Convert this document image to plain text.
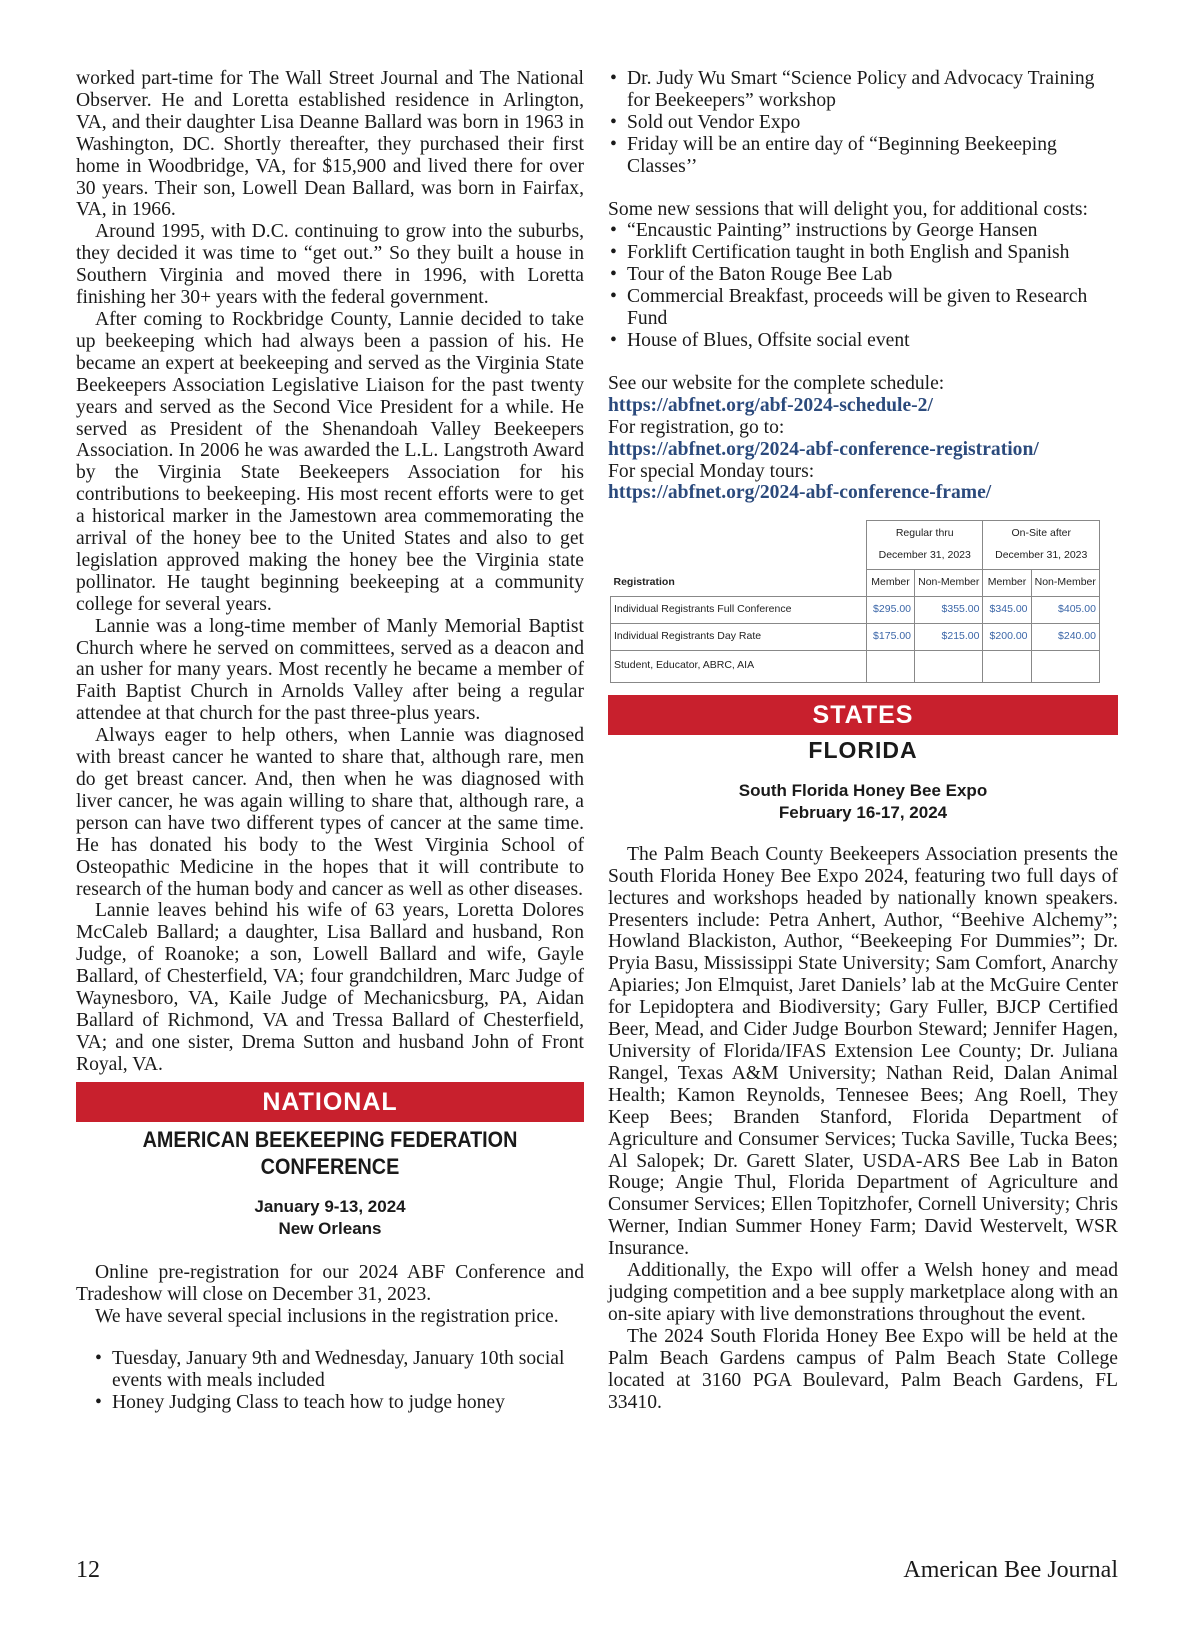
worked part-time for The Wall Street Journal and The National Observer. He and Loretta established residence in Arlington, VA, and their daughter Lisa Deanne Ballard was born in 1963 in Washington, DC. Shortly thereafter, they purchased their first home in Woodbridge, VA, for $15,900 and lived there for over 30 years. Their son, Lowell Dean Ballard, was born in Fairfax, VA, in 1966.

Around 1995, with D.C. continuing to grow into the suburbs, they decided it was time to “get out.” So they built a house in Southern Virginia and moved there in 1996, with Loretta finishing her 30+ years with the federal government.

After coming to Rockbridge County, Lannie decided to take up beekeeping which had always been a passion of his. He became an expert at beekeeping and served as the Virginia State Beekeepers Association Legislative Liaison for the past twenty years and served as the Second Vice President for a while. He served as President of the Shenandoah Valley Beekeepers Association. In 2006 he was awarded the L.L. Langstroth Award by the Virginia State Beekeepers Association for his contributions to beekeeping. His most recent efforts were to get a historical marker in the Jamestown area commemorating the arrival of the honey bee to the United States and also to get legislation approved making the honey bee the Virginia state pollinator. He taught beginning beekeeping at a community college for several years.

Lannie was a long-time member of Manly Memorial Baptist Church where he served on committees, served as a deacon and an usher for many years. Most recently he became a member of Faith Baptist Church in Arnolds Valley after being a regular attendee at that church for the past three-plus years.

Always eager to help others, when Lannie was diagnosed with breast cancer he wanted to share that, although rare, men do get breast cancer. And, then when he was diagnosed with liver cancer, he was again willing to share that, although rare, a person can have two different types of cancer at the same time. He has donated his body to the West Virginia School of Osteopathic Medicine in the hopes that it will contribute to research of the human body and cancer as well as other diseases.

Lannie leaves behind his wife of 63 years, Loretta Dolores McCaleb Ballard; a daughter, Lisa Ballard and husband, Ron Judge, of Roanoke; a son, Lowell Ballard and wife, Gayle Ballard, of Chesterfield, VA; four grandchildren, Marc Judge of Waynesboro, VA, Kaile Judge of Mechanicsburg, PA, Aidan Ballard of Richmond, VA and Tressa Ballard of Chesterfield, VA; and one sister, Drema Sutton and husband John of Front Royal, VA.

NATIONAL
AMERICAN BEEKEEPING FEDERATION
CONFERENCE
January 9-13, 2024
New Orleans

Online pre-registration for our 2024 ABF Conference and Tradeshow will close on December 31, 2023.

We have several special inclusions in the registration price.

• Tuesday, January 9th and Wednesday, January 10th social events with meals included
• Honey Judging Class to teach how to judge honey
• Dr. Judy Wu Smart “Science Policy and Advocacy Training for Beekeepers” workshop
• Sold out Vendor Expo
• Friday will be an entire day of “Beginning Beekeeping Classes’’

Some new sessions that will delight you, for additional costs:

• “Encaustic Painting” instructions by George Hansen
• Forklift Certification taught in both English and Spanish
• Tour of the Baton Rouge Bee Lab
• Commercial Breakfast, proceeds will be given to Research Fund
• House of Blues, Offsite social event

See our website for the complete schedule:

https://abfnet.org/abf-2024-schedule-2/
For registration, go to:
https://abfnet.org/2024-abf-conference-registration/
For special Monday tours:
https://abfnet.org/2024-abf-conference-frame/
	Regular thru
December 31, 2023		On-Site after
December 31, 2023	
Registration	Member	Non-Member	Member	Non-Member
Individual Registrants Full Conference	$295.00	$355.00	$345.00	$405.00
Individual Registrants Day Rate	$175.00	$215.00	$200.00	$240.00
Student, Educator, ABRC, AIA				
STATES
FLORIDA
South Florida Honey Bee Expo
February 16-17, 2024

The Palm Beach County Beekeepers Association presents the South Florida Honey Bee Expo 2024, featuring two full days of lectures and workshops headed by nationally known speakers. Presenters include: Petra Anhert, Author, “Beehive Alchemy”; Howland Blackiston, Author, “Beekeeping For Dummies”; Dr. Pryia Basu, Mississippi State University; Sam Comfort, Anarchy Apiaries; Jon Elmquist, Jaret Daniels’ lab at the McGuire Center for Lepidoptera and Biodiversity; Gary Fuller, BJCP Certified Beer, Mead, and Cider Judge Bourbon Steward; Jennifer Hagen, University of Florida/IFAS Extension Lee County; Dr. Juliana Rangel, Texas A&M University; Nathan Reid, Dalan Animal Health; Kamon Reynolds, Tennesee Bees; Ang Roell, They Keep Bees; Branden Stanford, Florida Department of Agriculture and Consumer Services; Tucka Saville, Tucka Bees; Al Salopek; Dr. Garett Slater, USDA-ARS Bee Lab in Baton Rouge; Angie Thul, Florida Department of Agriculture and Consumer Services; Ellen Topitzhofer, Cornell University; Chris Werner, Indian Summer Honey Farm; David Westervelt, WSR Insurance.

Additionally, the Expo will offer a Welsh honey and mead judging competition and a bee supply marketplace along with an on-site apiary with live demonstrations throughout the event.

The 2024 South Florida Honey Bee Expo will be held at the Palm Beach Gardens campus of Palm Beach State College located at 3160 PGA Boulevard, Palm Beach Gardens, FL 33410.

12	American Bee Journal
